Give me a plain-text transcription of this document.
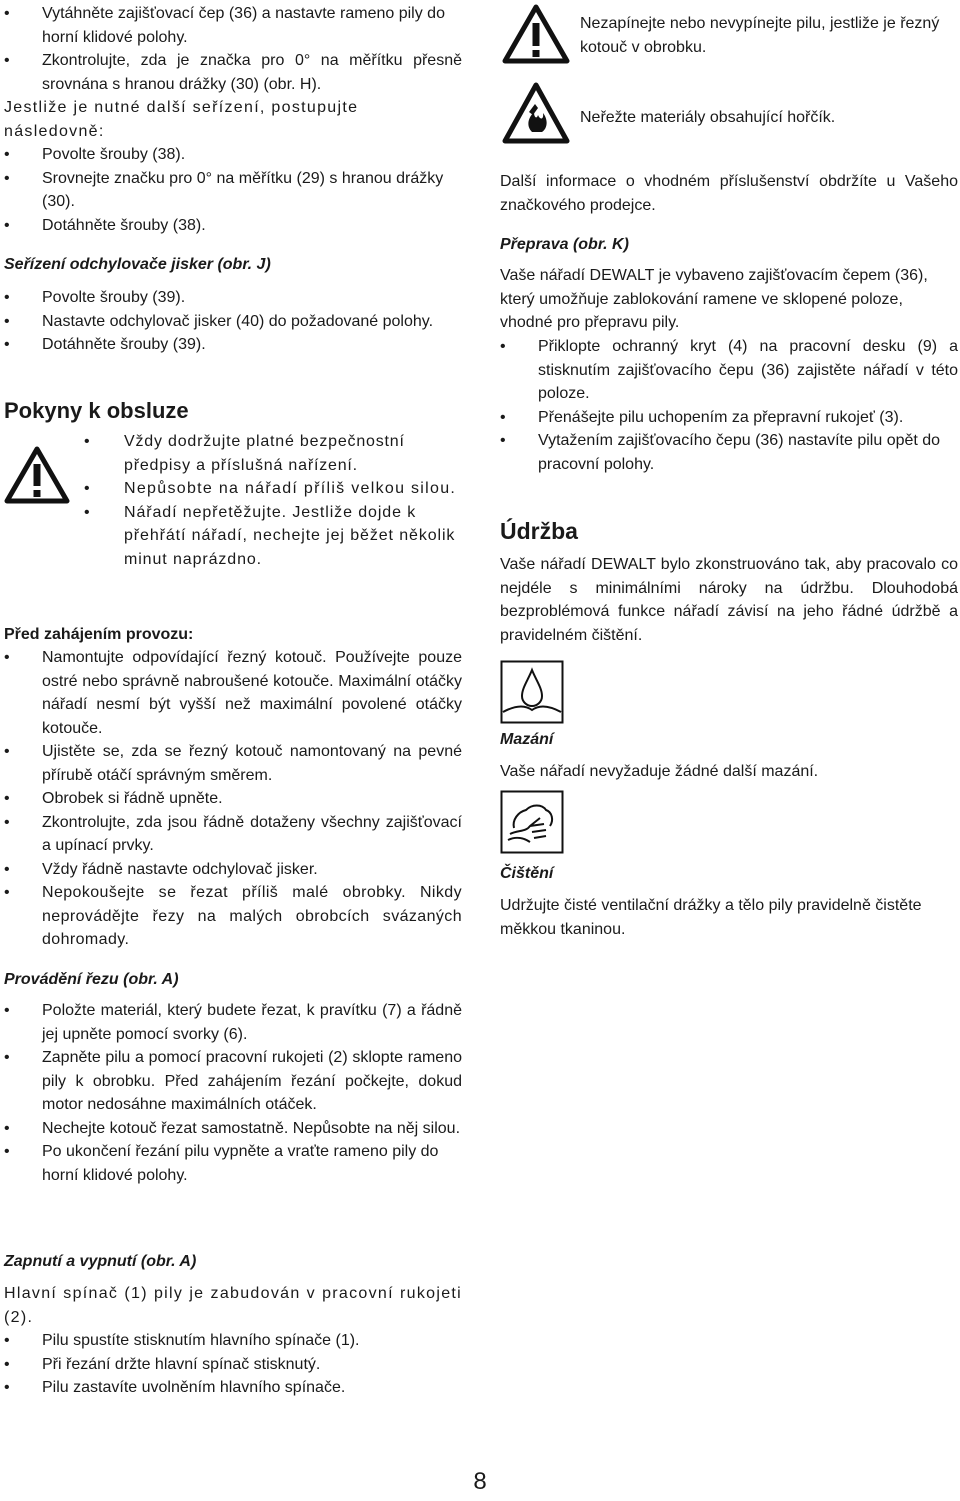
• Vytáhněte zajišťovací čep (36) a nastavte rameno pily do horní klidové polohy.
• Zkontrolujte, zda je značka pro 0° na měřítku přesně srovnána s hranou drážky (30) (obr. H).

Jestliže je nutné další seřízení, postupujte následovně:

• Povolte šrouby (38).
• Srovnejte značku pro 0° na měřítku (29) s hranou drážky (30).
• Dotáhněte šrouby (38).
Seřízení odchylovače jisker (obr. J)
• Povolte šrouby (39).
• Nastavte odchylovač jisker (40) do požadované polohy.
• Dotáhněte šrouby (39).
Pokyny k obsluze
• Vždy dodržujte platné bezpečnostní předpisy a příslušná nařízení.
• Nepůsobte na nářadí příliš velkou silou.
• Nářadí nepřetěžujte. Jestliže dojde k přehřátí nářadí, nechejte jej běžet několik minut naprázdno.
Před zahájením provozu:
• Namontujte odpovídající řezný kotouč. Používejte pouze ostré nebo správně nabroušené kotouče. Maximální otáčky nářadí nesmí být vyšší než maximální povolené otáčky kotouče.
• Ujistěte se, zda se řezný kotouč namontovaný na pevné přírubě otáčí správným směrem.
• Obrobek si řádně upněte.
• Zkontrolujte, zda jsou řádně dotaženy všechny zajišťovací a upínací prvky.
• Vždy řádně nastavte odchylovač jisker.
• Nepokoušejte se řezat příliš malé obrobky. Nikdy neprovádějte řezy na malých obrobcích svázaných dohromady.
Provádění řezu (obr. A)
• Položte materiál, který budete řezat, k pravítku (7) a řádně jej upněte pomocí svorky (6).
• Zapněte pilu a pomocí pracovní rukojeti (2) sklopte rameno pily k obrobku. Před zahájením řezání počkejte, dokud motor nedosáhne maximálních otáček.
• Nechejte kotouč řezat samostatně. Nepůsobte na něj silou.
• Po ukončení řezání pilu vypněte a vraťte rameno pily do horní klidové polohy.
Zapnutí a vypnutí (obr. A)

Hlavní spínač (1) pily je zabudován v pracovní rukojeti (2).

• Pilu spustíte stisknutím hlavního spínače (1).
• Při řezání držte hlavní spínač stisknutý.
• Pilu zastavíte uvolněním hlavního spínače.

Nezapínejte nebo nevypínejte pilu, jestliže je řezný kotouč v obrobku.

Neřežte materiály obsahující hořčík.

Další informace o vhodném příslušenství obdržíte u Vašeho značkového prodejce.

Přeprava (obr. K)

Vaše nářadí DEWALT je vybaveno zajišťovacím čepem (36), který umožňuje zablokování ramene ve sklopené poloze, vhodné pro přepravu pily.

• Přiklopte ochranný kryt (4) na pracovní desku (9) a stisknutím zajišťovacího čepu (36) zajistěte nářadí v této poloze.
• Přenášejte pilu uchopením za přepravní rukojeť (3).
• Vytažením zajišťovacího čepu (36) nastavíte pilu opět do pracovní polohy.
Údržba

Vaše nářadí DEWALT bylo zkonstruováno tak, aby pracovalo co nejdéle s minimálními nároky na údržbu. Dlouhodobá bezproblémová funkce nářadí závisí na jeho řádné údržbě a pravidelném čištění.

Mazání

Vaše nářadí nevyžaduje žádné další mazání.

Čištění

Udržujte čisté ventilační drážky a tělo pily pravidelně čistěte měkkou tkaninou.

8
